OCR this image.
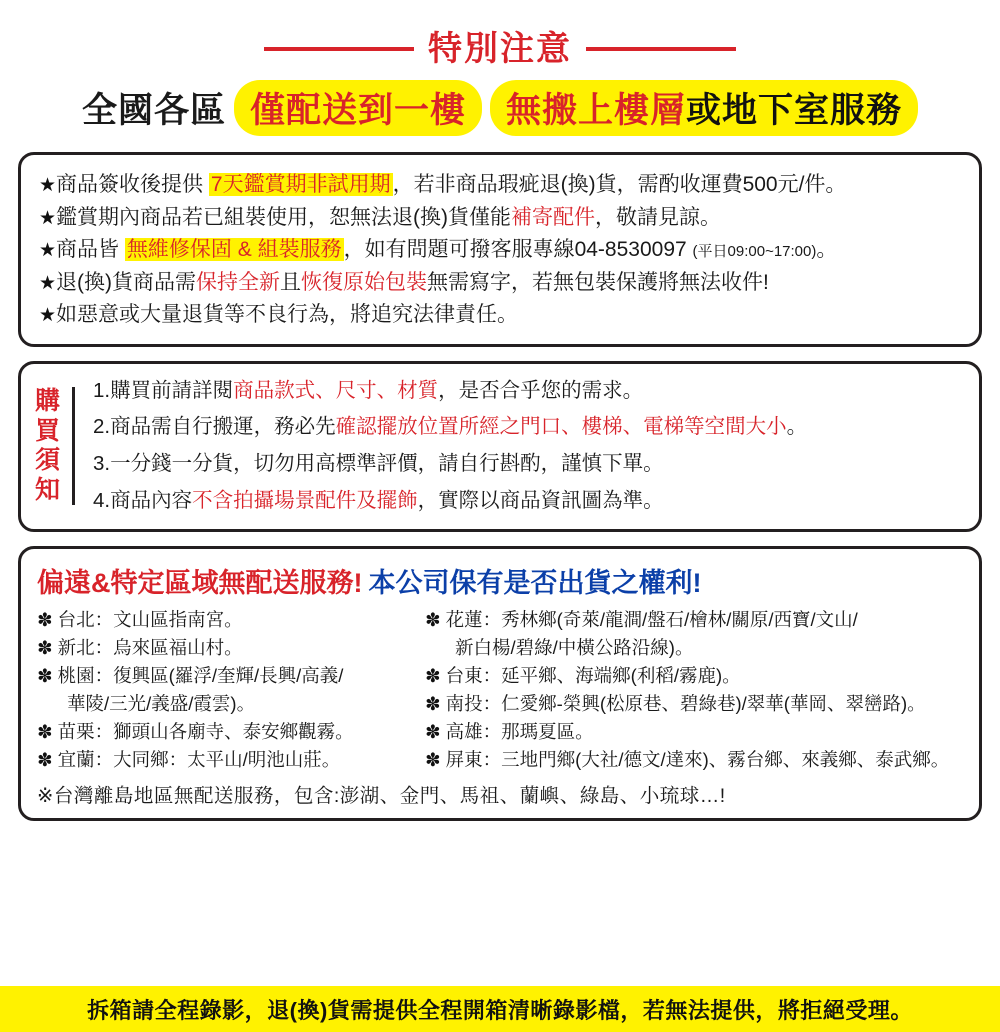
特別注意
全國各區 僅配送到一樓	無搬上樓層或地下室服務
★商品簽收後提供 7天鑑賞期非試用期，若非商品瑕疵退(換)貨，需酌收運費500元/件。
★鑑賞期內商品若已組裝使用，恕無法退(換)貨僅能補寄配件，敬請見諒。
★商品皆 無維修保固 & 組裝服務，如有問題可撥客服專線04-8530097 (平日09:00~17:00)。
★退(換)貨商品需保持全新且恢復原始包裝無需寫字，若無包裝保護將無法收件!
★如惡意或大量退貨等不良行為，將追究法律責任。
購
買
須
知
1.購買前請詳閱商品款式、尺寸、材質，是否合乎您的需求。
2.商品需自行搬運，務必先確認擺放位置所經之門口、樓梯、電梯等空間大小。
3.一分錢一分貨，切勿用高標準評價，請自行斟酌，謹慎下單。
4.商品內容不含拍攝場景配件及擺飾，實際以商品資訊圖為準。
偏遠&特定區域無配送服務! 本公司保有是否出貨之權利!
✽ 台北：文山區指南宮。
✽ 新北：烏來區福山村。
✽ 桃園：復興區(羅浮/奎輝/長興/高義/
華陵/三光/義盛/霞雲)。
✽ 苗栗：獅頭山各廟寺、泰安鄉觀霧。
✽ 宜蘭：大同鄉：太平山/明池山莊。
✽ 花蓮：秀林鄉(奇萊/龍澗/盤石/檜林/關原/西寶/文山/
新白楊/碧綠/中橫公路沿線)。
✽ 台東：延平鄉、海端鄉(利稻/霧鹿)。
✽ 南投：仁愛鄉-榮興(松原巷、碧綠巷)/翠華(華岡、翠巒路)。
✽ 高雄：那瑪夏區。
✽ 屏東：三地門鄉(大社/德文/達來)、霧台鄉、來義鄉、泰武鄉。
※台灣離島地區無配送服務，包含:澎湖、金門、馬祖、蘭嶼、綠島、小琉球…!
拆箱請全程錄影，退(換)貨需提供全程開箱清晰錄影檔，若無法提供，將拒絕受理。
